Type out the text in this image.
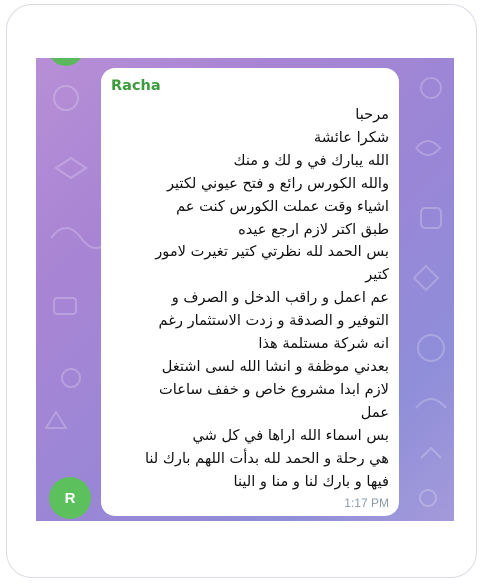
Racha
مرحبا
شكرا عائشة
الله يبارك في و لك و منك
والله الكورس رائع و فتح عيوني لكتير
اشياء وقت عملت الكورس كنت عم
طبق اكتر لازم ارجع عيده
بس الحمد لله نظرتي كتير تغيرت لامور
كتير
عم اعمل و راقب الدخل و الصرف و
التوفير و الصدقة و زدت الاستثمار رغم
انه شركة مستلمة هذا
بعدني موظفة و انشا الله لسى اشتغل
لازم ابدا مشروع خاص و خفف ساعات
عمل
بس اسماء الله اراها في كل شي
هي رحلة و الحمد لله بدأت اللهم بارك لنا
فيها و بارك لنا و منا و الينا
1:17 PM
R
